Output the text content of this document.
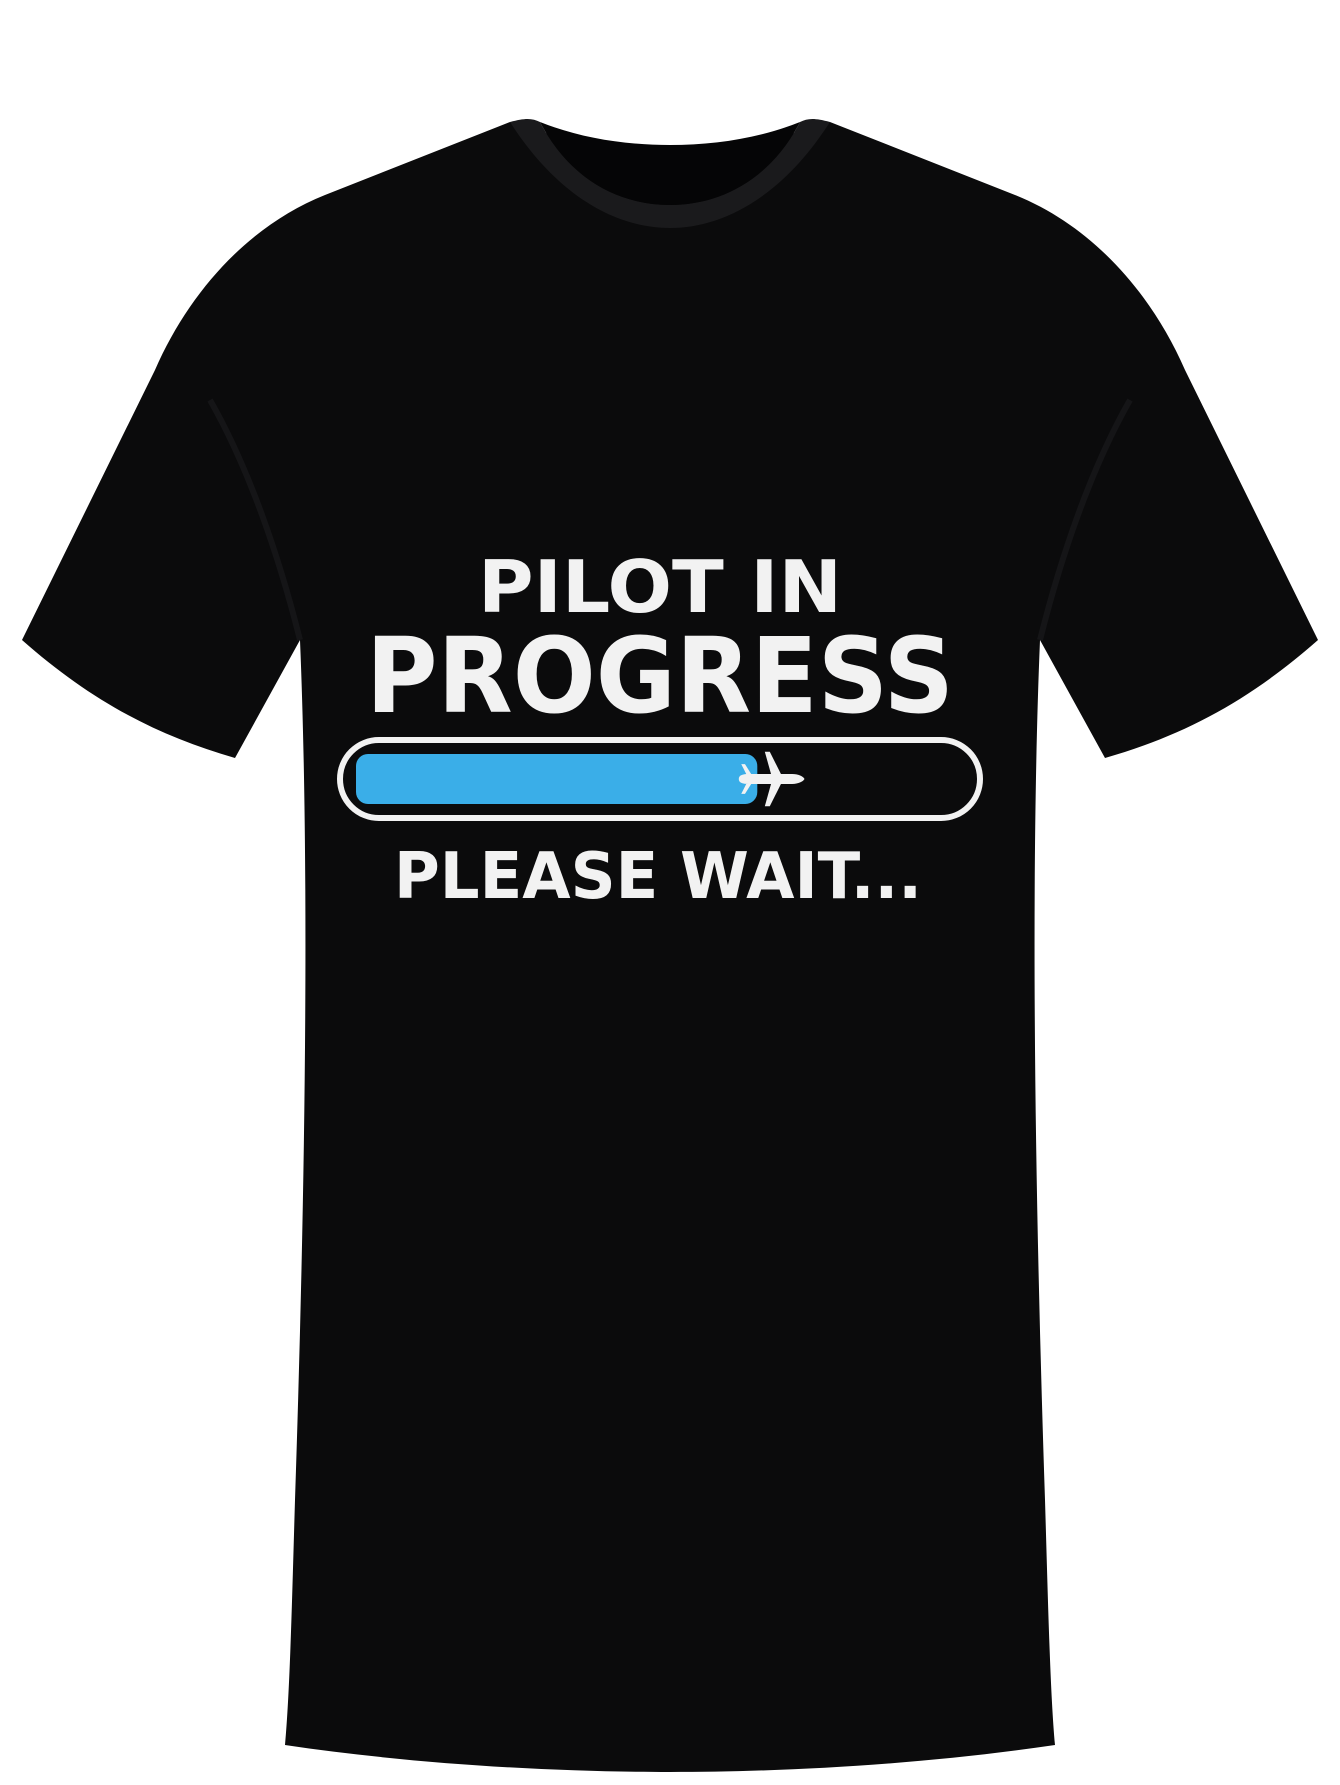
PILOT IN
PROGRESS
PLEASE WAIT...
